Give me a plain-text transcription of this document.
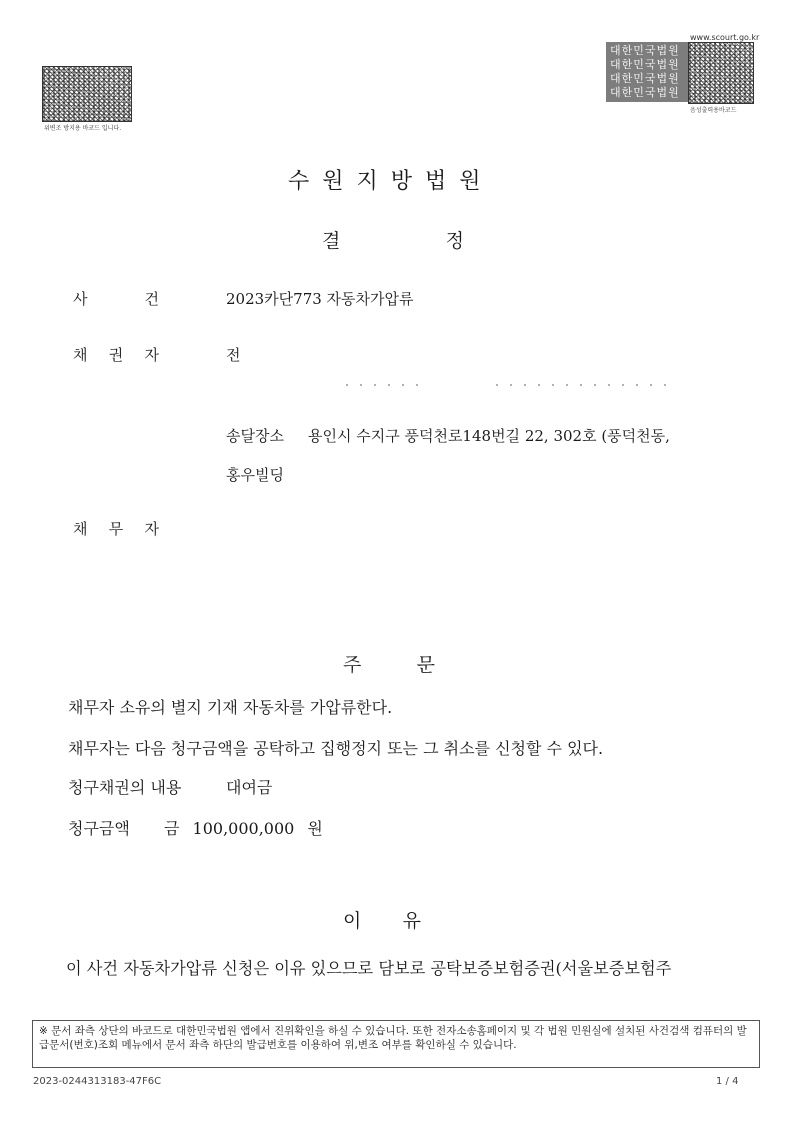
위변조 방지용 바코드 입니다.
www.scourt.go.kr
대한민국법원
대한민국법원
대한민국법원
대한민국법원
음성출력용바코드
수원지방법원
결	정
사	건	2023카단773 자동차가압류
채 권 자	전
송달장소 용인시 수지구 풍덕천로148번길 22, 302호 (풍덕천동,
홍우빌딩
채 무 자
주	문
채무자 소유의 별지 기재 자동차를 가압류한다.
채무자는 다음 청구금액을 공탁하고 집행정지 또는 그 취소를 신청할 수 있다.
청구채권의 내용	대여금
청구금액 금 100,000,000 원
이 유
이 사건 자동차가압류 신청은 이유 있으므로 담보로 공탁보증보험증권(서울보증보험주
※ 문서 좌측 상단의 바코드로 대한민국법원 앱에서 진위확인을 하실 수 있습니다. 또한 전자소송홈페이지 및 각 법원 민원실에 설치된 사건검색 컴퓨터의 발급문서(번호)조회 메뉴에서 문서 좌측 하단의 발급번호를 이용하여 위,변조 여부를 확인하실 수 있습니다.
2023-0244313183-47F6C	1 / 4
